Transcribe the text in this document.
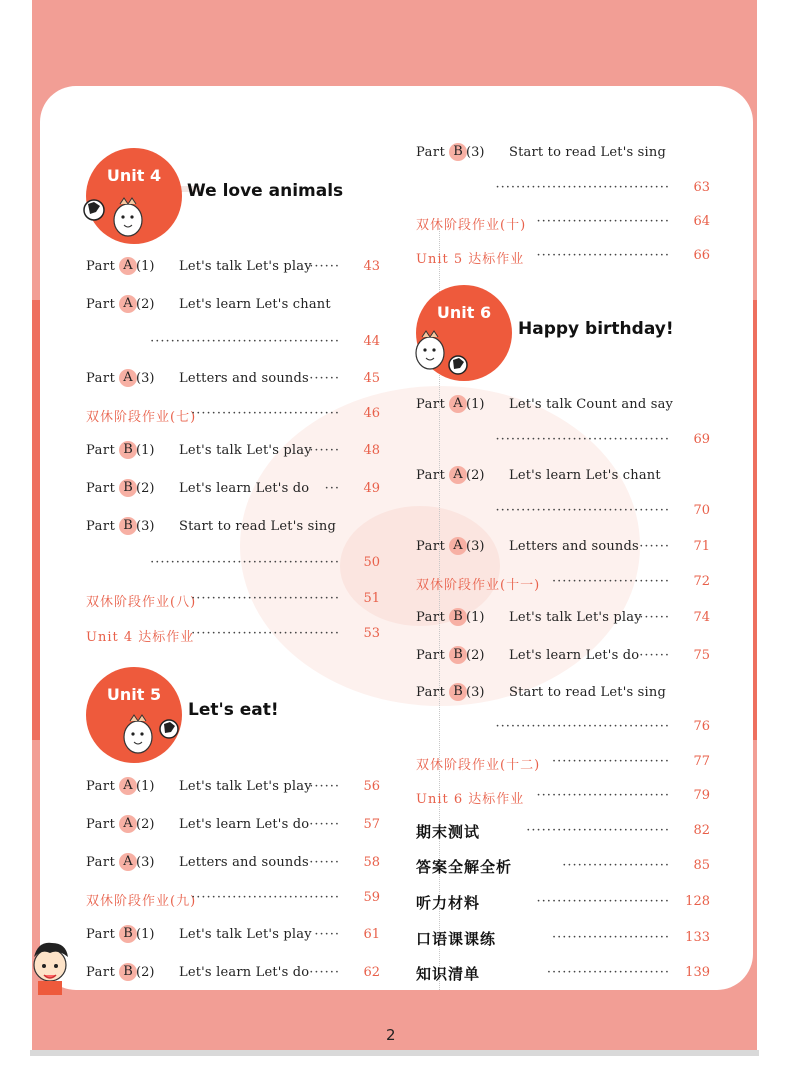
Unit 4
We love animals
Unit 5
Let's eat!
Unit 6
Happy birthday!
Part A (1) Let's talk Let's play
······	43
Part A (2) Let's learn Let's chant
·····································	44
Part A (3) Letters and sounds ······	45
双休阶段作业(七)
·····························	46
Part B (1) Let's talk Let's play
······	48
Part B (2) Let's learn Let's do ···	49
Part B (3) Start to read Let's sing
·····································	50
双休阶段作业(八)
·····························	51
Unit 4 达标作业
·····························	53
Part A (1) Let's talk Let's play
······	56
Part A (2) Let's learn Let's do ······	57
Part A (3) Letters and sounds ······	58
双休阶段作业(九)
·····························	59
Part B (1) Let's talk Let's play ·····	61
Part B (2) Let's learn Let's do ······	62
Part B (3) Start to read Let's sing
··································	63
双休阶段作业(十) ··························	64
Unit 5 达标作业 ··························	66
Part A (1) Let's talk Count and say
··································	69
Part A (2) Let's learn Let's chant
··································	70
Part A (3) Letters and sounds ······	71
双休阶段作业(十一) ·······················	72
Part B (1) Let's talk Let's play
·······	74
Part B (2) Let's learn Let's do ······	75
Part B (3) Start to read Let's sing
··································	76
双休阶段作业(十二) ·······················	77
Unit 6 达标作业 ··························	79
期末测试	····························	82
答案全解全析	·····················	85
听力材料	··························	128
口语课课练	·······················	133
知识清单	························	139
2
